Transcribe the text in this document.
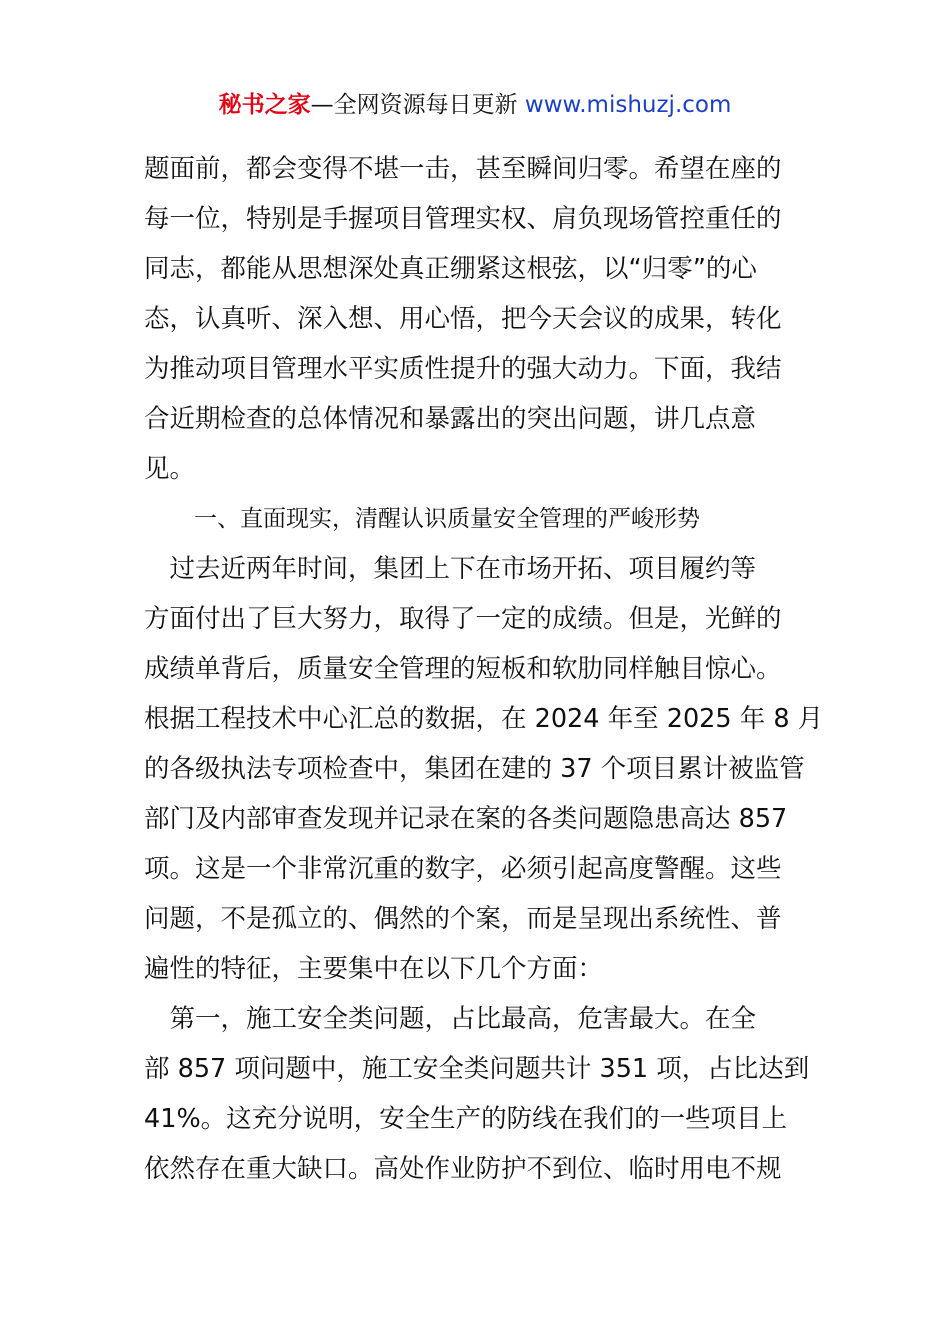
秘书之家—全网资源每日更新 www.mishuzj.com
题面前，都会变得不堪一击，甚至瞬间归零。希望在座的
每一位，特别是手握项目管理实权、肩负现场管控重任的
同志，都能从思想深处真正绷紧这根弦，以“归零”的心
态，认真听、深入想、用心悟，把今天会议的成果，转化
为推动项目管理水平实质性提升的强大动力。下面，我结
合近期检查的总体情况和暴露出的突出问题，讲几点意
见。
一、直面现实，清醒认识质量安全管理的严峻形势
　过去近两年时间，集团上下在市场开拓、项目履约等
方面付出了巨大努力，取得了一定的成绩。但是，光鲜的
成绩单背后，质量安全管理的短板和软肋同样触目惊心。
根据工程技术中心汇总的数据，在 2024 年至 2025 年 8 月
的各级执法专项检查中，集团在建的 37 个项目累计被监管
部门及内部审查发现并记录在案的各类问题隐患高达 857
项。这是一个非常沉重的数字，必须引起高度警醒。这些
问题，不是孤立的、偶然的个案，而是呈现出系统性、普
遍性的特征，主要集中在以下几个方面：
　第一，施工安全类问题，占比最高，危害最大。在全
部 857 项问题中，施工安全类问题共计 351 项，占比达到
41%。这充分说明，安全生产的防线在我们的一些项目上
依然存在重大缺口。高处作业防护不到位、临时用电不规
